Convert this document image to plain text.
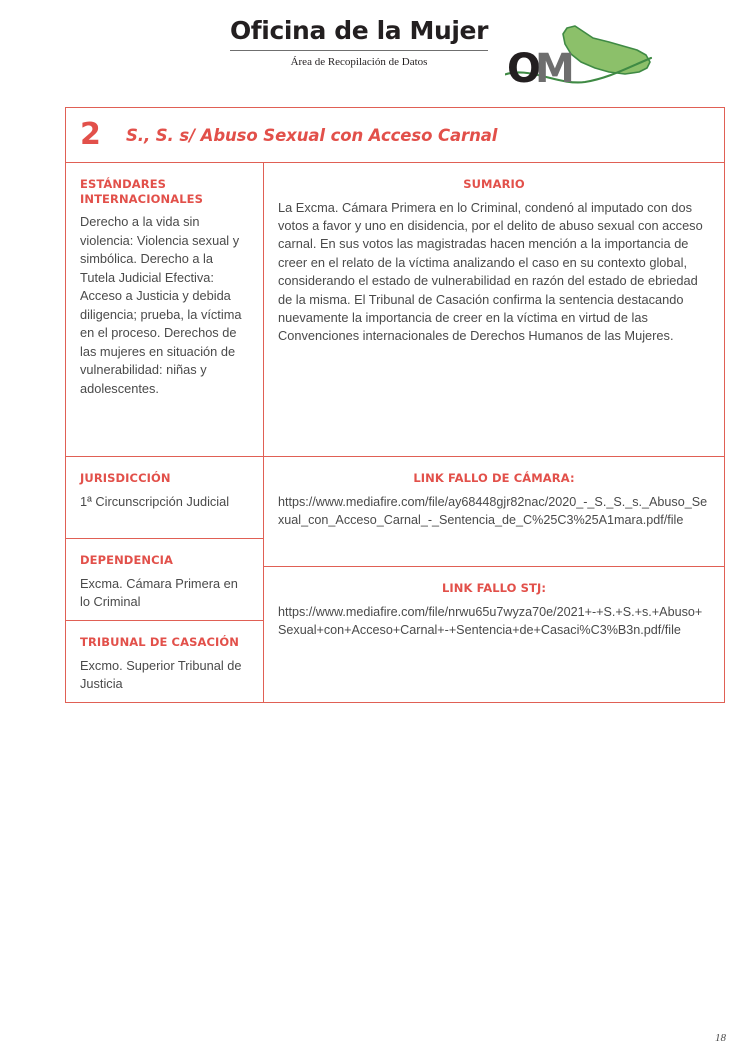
Oficina de la Mujer
Área de Recopilación de Datos	O
M
2	S., S. s/ Abuso Sexual con Acceso Carnal
ESTÁNDARES INTERNACIONALES
Derecho a la vida sin violencia: Violencia sexual y simbólica. Derecho a la Tutela Judicial Efectiva: Acceso a Justicia y debida diligencia; prueba, la víctima en el proceso. Derechos de las mujeres en situación de vulnerabilidad: niñas y adolescentes.
JURISDICCIÓN
1ª Circunscripción Judicial
DEPENDENCIA
Excma. Cámara Primera en lo Criminal
TRIBUNAL DE CASACIÓN
Excmo. Superior Tribunal de Justicia
SUMARIO
La Excma. Cámara Primera en lo Criminal, condenó al imputado con dos votos a favor y uno en disidencia, por el delito de abuso sexual con acceso carnal. En sus votos las magistradas hacen mención a la importancia de creer en el relato de la víctima analizando el caso en su contexto global, considerando el estado de vulnerabilidad en razón del estado de ebriedad de la misma. El Tribunal de Casación confirma la sentencia destacando nuevamente la importancia de creer en la víctima en virtud de las Convenciones internacionales de Derechos Humanos de las Mujeres.
LINK FALLO DE CÁMARA:
https://www.mediafire.com/file/ay68448gjr82nac/2020_-_S._S._s._Abuso_Sexual_con_Acceso_Carnal_-_Sentencia_de_C%25C3%25A1mara.pdf/file
LINK FALLO STJ:
https://www.mediafire.com/file/nrwu65u7wyza70e/2021+-+S.+S.+s.+Abuso+Sexual+con+Acceso+Carnal+-+Sentencia+de+Casaci%C3%B3n.pdf/file
18
